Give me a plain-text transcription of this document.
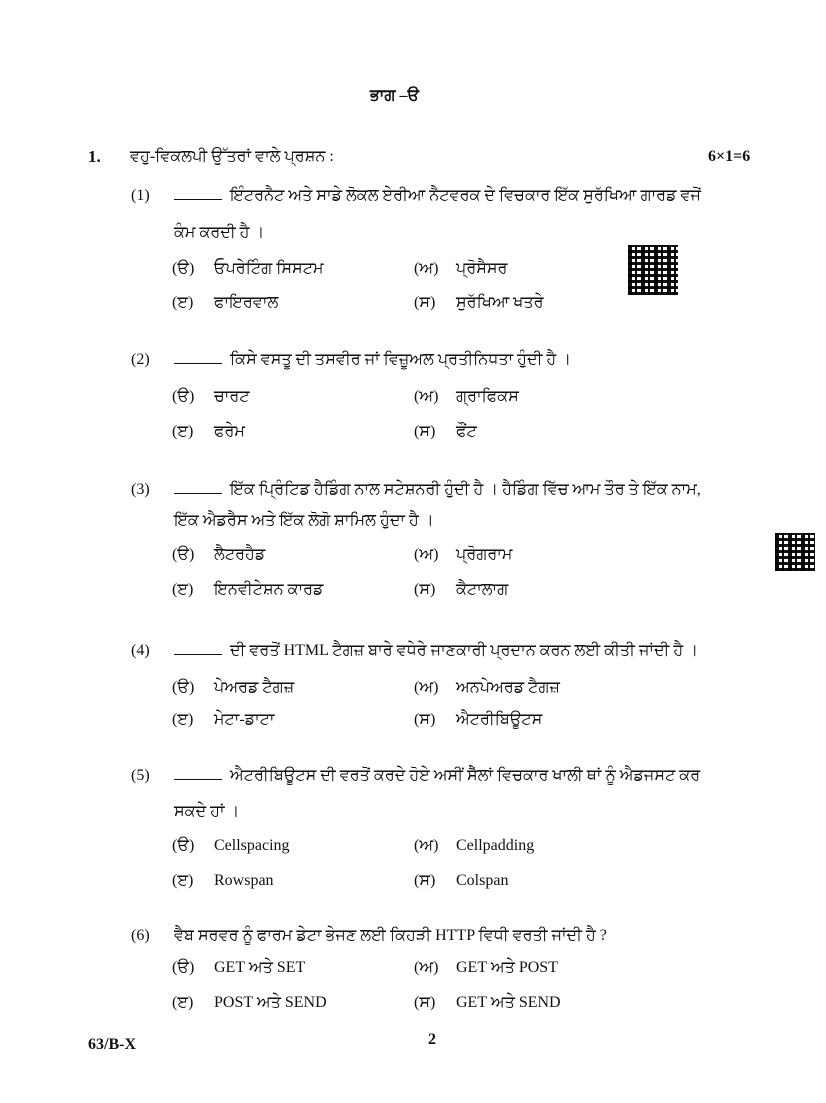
ਭਾਗ –ੳ
1. ਵਹੁ-ਵਿਕਲਪੀ ਉੱਤਰਾਂ ਵਾਲੇ ਪ੍ਰਸ਼ਨ :	6×1=6
(1)	ਇੰਟਰਨੈਟ ਅਤੇ ਸਾਡੇ ਲੋਕਲ ਏਰੀਆ ਨੈਟਵਰਕ ਦੇ ਵਿਚਕਾਰ ਇੱਕ ਸੁਰੱਖਿਆ ਗਾਰਡ ਵਜੋਂ
ਕੰਮ ਕਰਦੀ ਹੈ ।
(ੳ) ਓਪਰੇਟਿੰਗ ਸਿਸਟਮ	(ਅ) ਪ੍ਰੋਸੈਸਰ
(ੲ) ਫਾਇਰਵਾਲ	(ਸ) ਸੁਰੱਖਿਆ ਖਤਰੇ
(2)	ਕਿਸੇ ਵਸਤੂ ਦੀ ਤਸਵੀਰ ਜਾਂ ਵਿਜ਼ੂਅਲ ਪ੍ਰਤੀਨਿਧਤਾ ਹੁੰਦੀ ਹੈ ।
(ੳ) ਚਾਰਟ	(ਅ) ਗ੍ਰਾਫਿਕਸ
(ੲ) ਫਰੇਮ	(ਸ) ਫੌਂਟ
(3)	ਇੱਕ ਪ੍ਰਿੰਟਿਡ ਹੈਡਿੰਗ ਨਾਲ ਸਟੇਸ਼ਨਰੀ ਹੁੰਦੀ ਹੈ । ਹੈਡਿੰਗ ਵਿੱਚ ਆਮ ਤੌਰ ਤੇ ਇੱਕ ਨਾਮ,
ਇੱਕ ਐਡਰੈਸ ਅਤੇ ਇੱਕ ਲੋਗੋ ਸ਼ਾਮਿਲ ਹੁੰਦਾ ਹੈ ।
(ੳ) ਲੈਟਰਹੈਡ	(ਅ) ਪ੍ਰੋਗਰਾਮ
(ੲ) ਇਨਵੀਟੇਸ਼ਨ ਕਾਰਡ	(ਸ) ਕੈਟਾਲਾਗ
(4)	ਦੀ ਵਰਤੋਂ HTML ਟੈਗਜ਼ ਬਾਰੇ ਵਧੇਰੇ ਜਾਣਕਾਰੀ ਪ੍ਰਦਾਨ ਕਰਨ ਲਈ ਕੀਤੀ ਜਾਂਦੀ ਹੈ ।
(ੳ) ਪੇਅਰਡ ਟੈਗਜ਼	(ਅ) ਅਨਪੇਅਰਡ ਟੈਗਜ਼
(ੲ) ਮੇਟਾ-ਡਾਟਾ	(ਸ) ਐਟਰੀਬਿਊਟਸ
(5)	ਐਟਰੀਬਿਊਟਸ ਦੀ ਵਰਤੋਂ ਕਰਦੇ ਹੋਏ ਅਸੀਂ ਸੈੱਲਾਂ ਵਿਚਕਾਰ ਖਾਲੀ ਥਾਂ ਨੂੰ ਐਡਜਸਟ ਕਰ
ਸਕਦੇ ਹਾਂ ।
(ੳ) Cellspacing	(ਅ) Cellpadding
(ੲ) Rowspan	(ਸ) Colspan
(6) ਵੈਬ ਸਰਵਰ ਨੂੰ ਫਾਰਮ ਡੇਟਾ ਭੇਜਣ ਲਈ ਕਿਹੜੀ HTTP ਵਿਧੀ ਵਰਤੀ ਜਾਂਦੀ ਹੈ ?
(ੳ) GET ਅਤੇ SET	(ਅ) GET ਅਤੇ POST
(ੲ) POST ਅਤੇ SEND	(ਸ) GET ਅਤੇ SEND
63/B-X	2
